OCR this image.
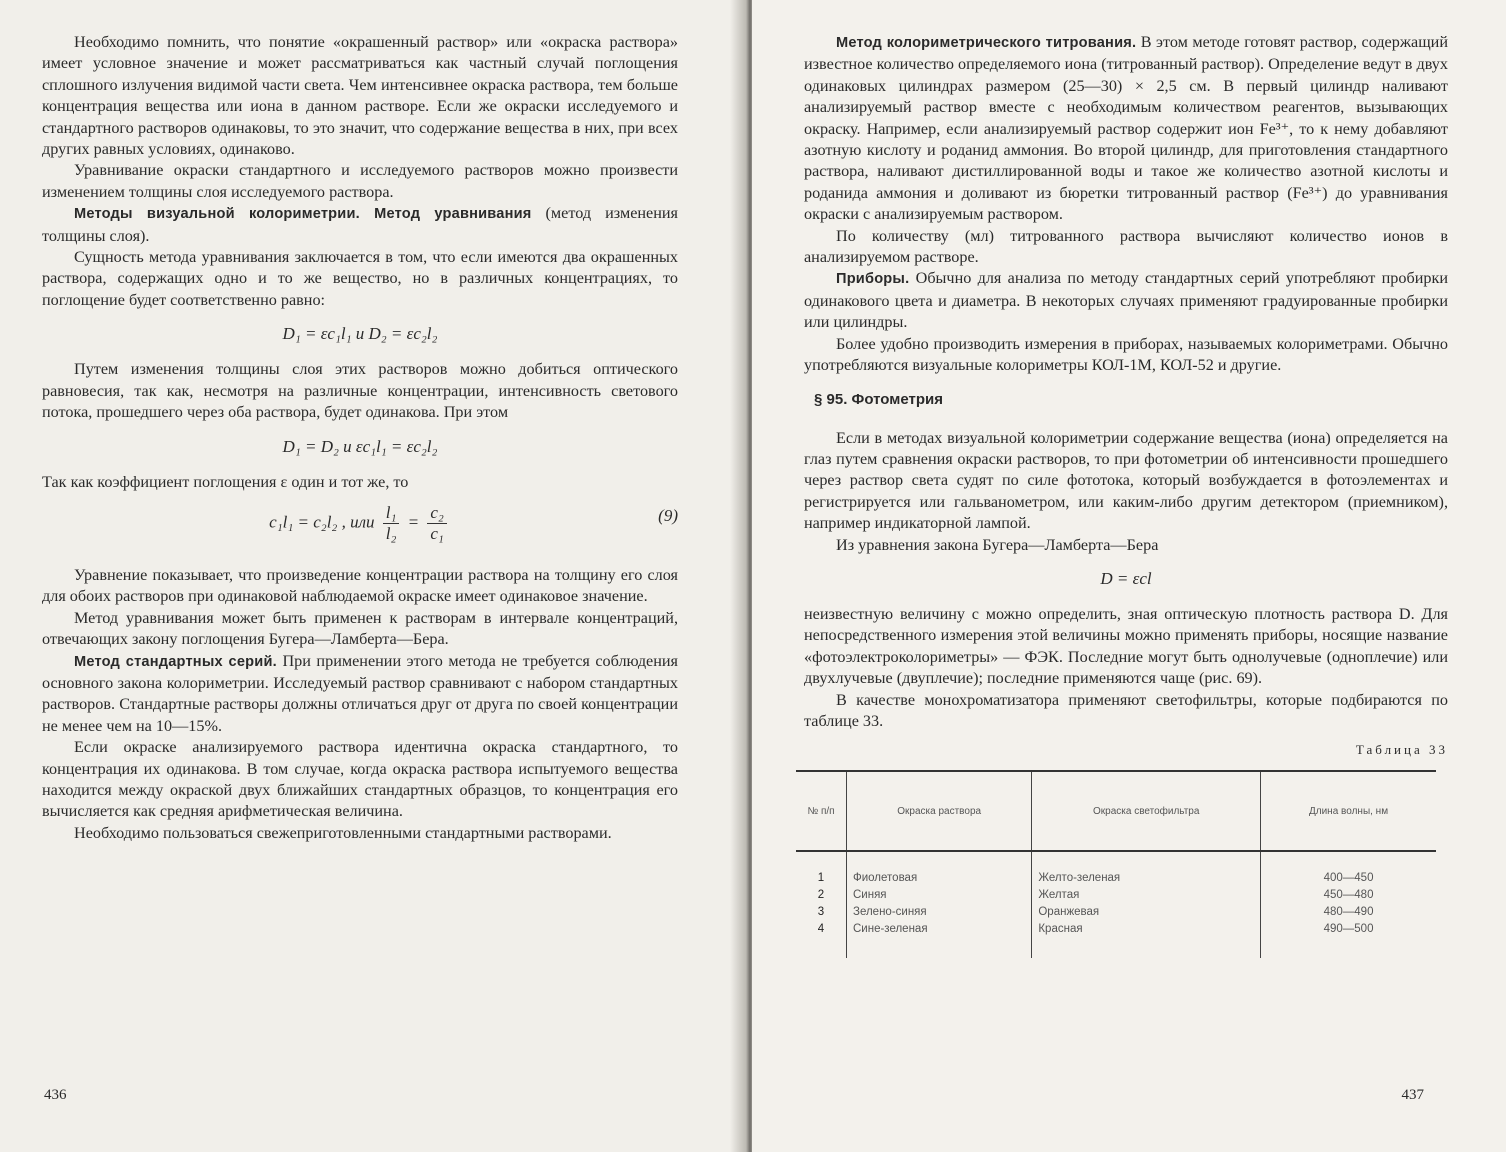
Необходимо помнить, что понятие «окрашенный раствор» или «окраска раствора» имеет условное значение и может рассматриваться как частный случай поглощения сплошного излучения видимой части света. Чем интенсивнее окраска раствора, тем больше концентрация вещества или иона в данном растворе. Если же окраски исследуемого и стандартного растворов одинаковы, то это значит, что содержание вещества в них, при всех других равных условиях, одинаково.

Уравнивание окраски стандартного и исследуемого растворов можно произвести изменением толщины слоя исследуемого раствора.

Методы визуальной колориметрии. Метод уравнивания (метод изменения толщины слоя).

Сущность метода уравнивания заключается в том, что если имеются два окрашенных раствора, содержащих одно и то же вещество, но в различных концентрациях, то поглощение будет соответственно равно:

D₁ = εc₁l₁ и D₂ = εc₂l₂

Путем изменения толщины слоя этих растворов можно добиться оптического равновесия, так как, несмотря на различные концентрации, интенсивность светового потока, прошедшего через оба раствора, будет одинакова. При этом

D₁ = D₂ и εc₁l₁ = εc₂l₂

Так как коэффициент поглощения ε один и тот же, то

c₁l₁ = c₂l₂ , или $\frac{\text{l₁}}{\text{l₂}} = \frac{\text{c₂}}{\text{c₁}}$	(9)

Уравнение показывает, что произведение концентрации раствора на толщину его слоя для обоих растворов при одинаковой наблюдаемой окраске имеет одинаковое значение.

Метод уравнивания может быть применен к растворам в интервале концентраций, отвечающих закону поглощения Бугера—Ламберта—Бера.

Метод стандартных серий. При применении этого метода не требуется соблюдения основного закона колориметрии. Исследуемый раствор сравнивают с набором стандартных растворов. Стандартные растворы должны отличаться друг от друга по своей концентрации не менее чем на 10—15%.

Если окраске анализируемого раствора идентична окраска стандартного, то концентрация их одинакова. В том случае, когда окраска раствора испытуемого вещества находится между окраской двух ближайших стандартных образцов, то концентрация его вычисляется как средняя арифметическая величина.

Необходимо пользоваться свежеприготовленными стандартными растворами.

436

Метод колориметрического титрования. В этом методе готовят раствор, содержащий известное количество определяемого иона (титрованный раствор). Определение ведут в двух одинаковых цилиндрах размером (25—30) × 2,5 см. В первый цилиндр наливают анализируемый раствор вместе с необходимым количеством реагентов, вызывающих окраску. Например, если анализируемый раствор содержит ион Fe³⁺, то к нему добавляют азотную кислоту и роданид аммония. Во второй цилиндр, для приготовления стандартного раствора, наливают дистиллированной воды и такое же количество азотной кислоты и роданида аммония и доливают из бюретки титрованный раствор (Fe³⁺) до уравнивания окраски с анализируемым раствором.

По количеству (мл) титрованного раствора вычисляют количество ионов в анализируемом растворе.

Приборы. Обычно для анализа по методу стандартных серий употребляют пробирки одинакового цвета и диаметра. В некоторых случаях применяют градуированные пробирки или цилиндры.

Более удобно производить измерения в приборах, называемых колориметрами. Обычно употребляются визуальные колориметры КОЛ-1М, КОЛ-52 и другие.

§ 95. Фотометрия

Если в методах визуальной колориметрии содержание вещества (иона) определяется на глаз путем сравнения окраски растворов, то при фотометрии об интенсивности прошедшего через раствор света судят по силе фототока, который возбуждается в фотоэлементах и регистрируется или гальванометром, или каким-либо другим детектором (приемником), например индикаторной лампой.

Из уравнения закона Бугера—Ламберта—Бера

D = εcl

неизвестную величину c можно определить, зная оптическую плотность раствора D. Для непосредственного измерения этой величины можно применять приборы, носящие название «фотоэлектроколориметры» — ФЭК. Последние могут быть однолучевые (одноплечие) или двухлучевые (двуплечие); последние применяются чаще (рис. 69).

В качестве монохроматизатора применяют светофильтры, которые подбираются по таблице 33.

Таблица 33
№ п/п	Окраска раствора	Окраска светофильтра	Длина волны, нм
1	Фиолетовая	Желто-зеленая	400—450
2	Синяя	Желтая	450—480
3	Зелено-синяя	Оранжевая	480—490
4	Сине-зеленая	Красная	490—500
437
